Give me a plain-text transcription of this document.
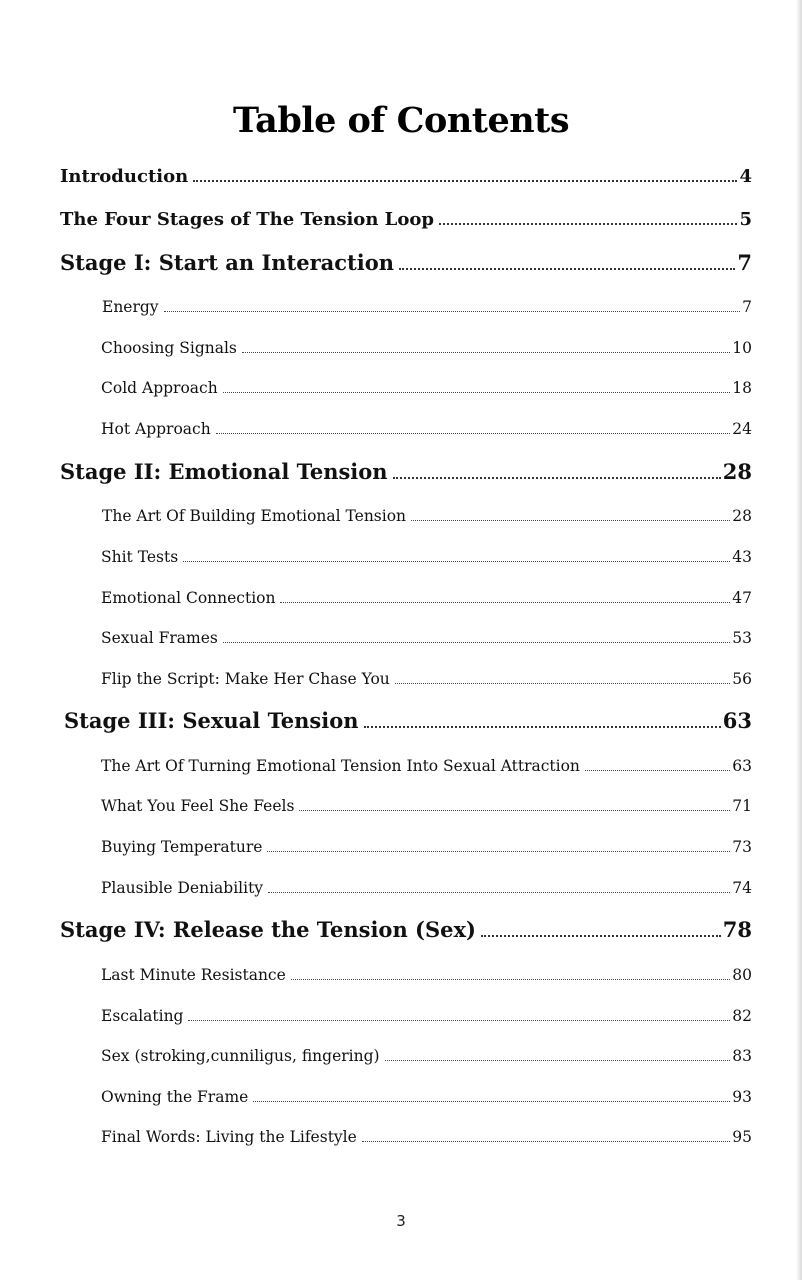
Table of Contents
Introduction	4
The Four Stages of The Tension Loop	5
Stage I: Start an Interaction	7
Energy	7
Choosing Signals	10
Cold Approach	18
Hot Approach	24
Stage II: Emotional Tension	28
The Art Of Building Emotional Tension	28
Shit Tests	43
Emotional Connection	47
Sexual Frames	53
Flip the Script: Make Her Chase You	56
Stage III: Sexual Tension	63
The Art Of Turning Emotional Tension Into Sexual Attraction	63
What You Feel She Feels	71
Buying Temperature	73
Plausible Deniability	74
Stage IV: Release the Tension (Sex)	78
Last Minute Resistance	80
Escalating	82
Sex (stroking,cunniligus, fingering)	83
Owning the Frame	93
Final Words: Living the Lifestyle	95
3
